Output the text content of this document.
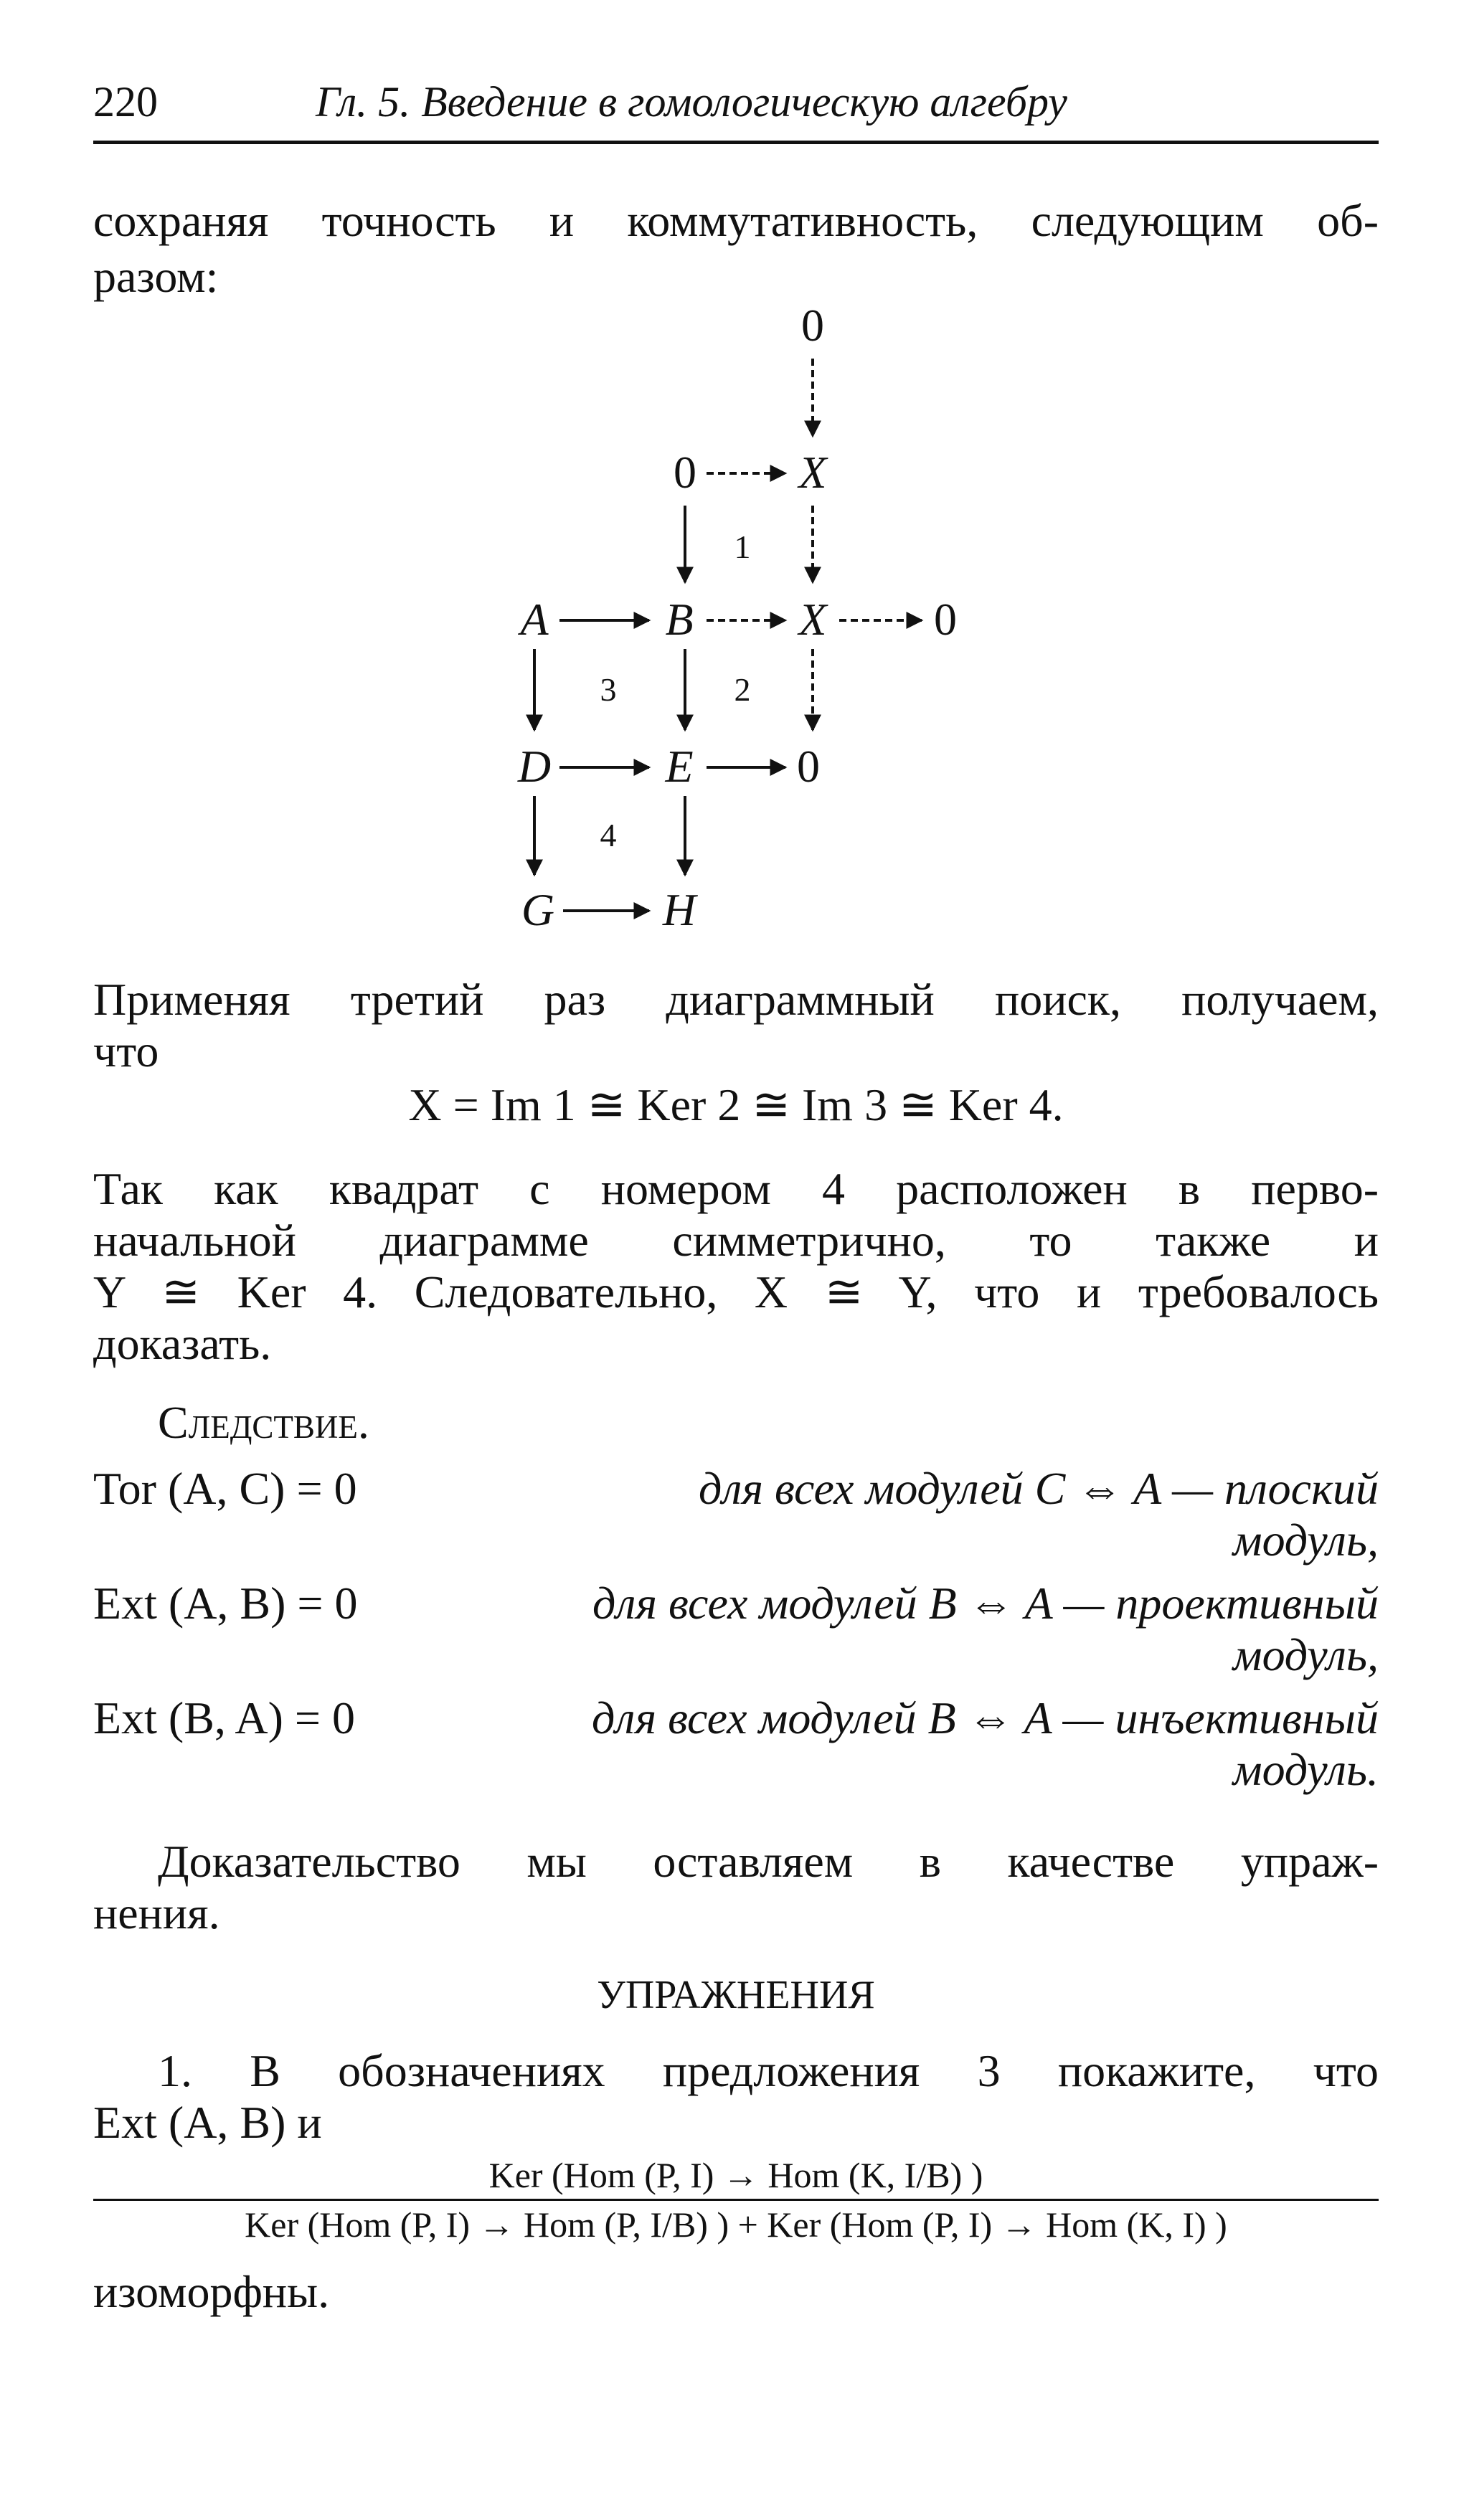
220	Гл. 5. Введение в гомологическую алгебру
сохраняя точность и коммутативность, следующим об-
разом:
0
0 X
A	B X 0
D E 0
G H
1
3	2
4
Применяя третий раз диаграммный поиск, получаем,
что
X = Im 1 ≅ Ker 2 ≅ Im 3 ≅ Ker 4.
Так как квадрат с номером 4 расположен в перво-
начальной диаграмме симметрично, то также и
Y ≅ Ker 4. Следовательно, X ≅ Y, что и требовалось
доказать.
Следствие.
Tor (A, C) = 0	для всех модулей C ⇔ A — плоский
модуль,
Ext (A, B) = 0	для всех модулей B ⇔ A — проективный
модуль,
Ext (B, A) = 0	для всех модулей B ⇔ A — инъективный
модуль.
Доказательство мы оставляем в качестве упраж-
нения.
УПРАЖНЕНИЯ
1. В обозначениях предложения 3 покажите, что
Ext (A, B) и
Ker (Hom (P, I) → Hom (K, I/B) )
Ker (Hom (P, I) → Hom (P, I/B) ) + Ker (Hom (P, I) → Hom (K, I) )
изоморфны.
